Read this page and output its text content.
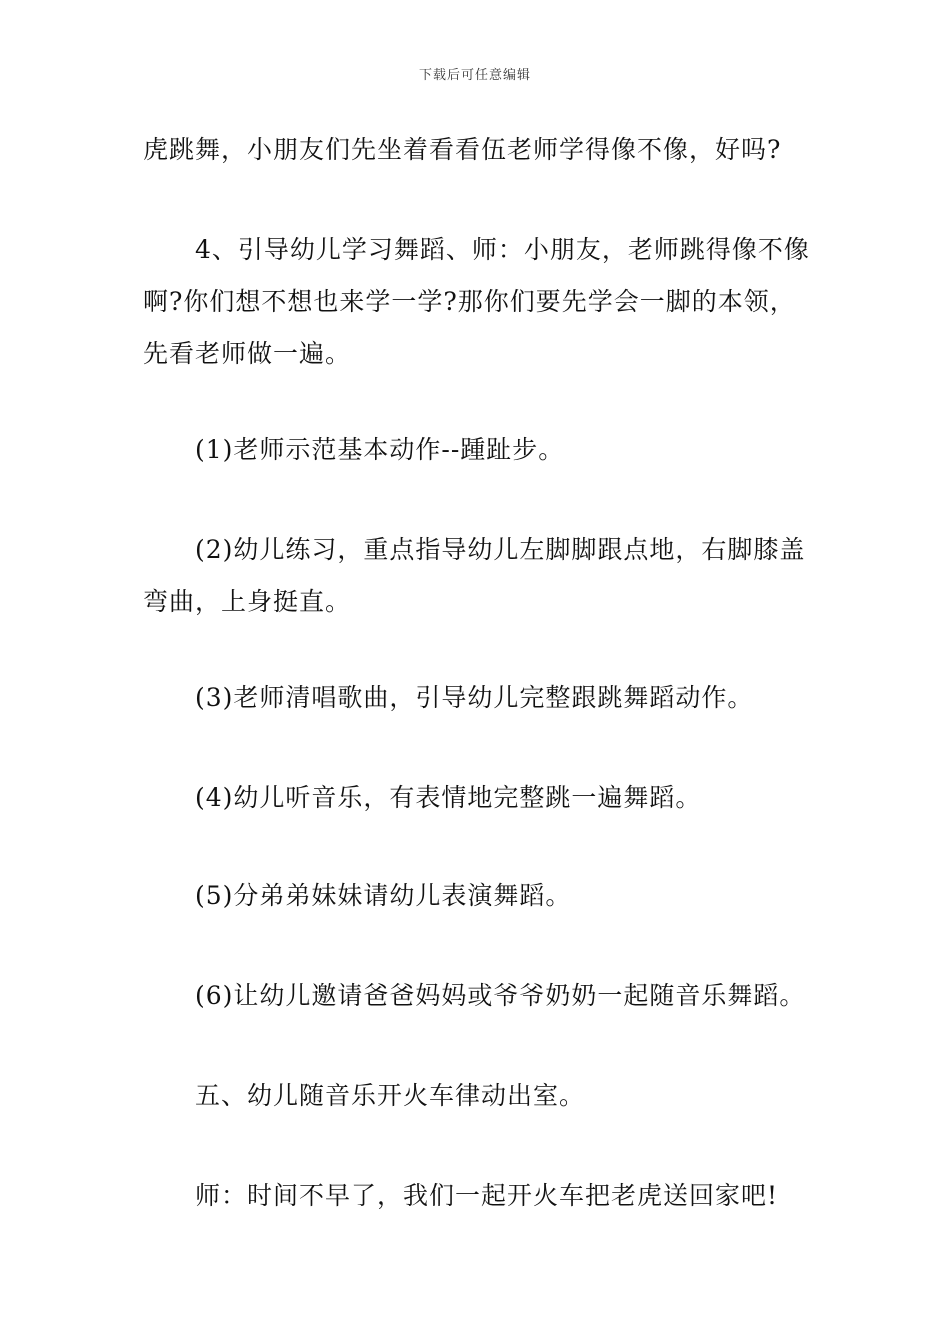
下载后可任意编辑
虎跳舞，小朋友们先坐着看看伍老师学得像不像，好吗?
4、引导幼儿学习舞蹈、师：小朋友，老师跳得像不像
啊?你们想不想也来学一学?那你们要先学会一脚的本领，
先看老师做一遍。
(1)老师示范基本动作--踵趾步。
(2)幼儿练习，重点指导幼儿左脚脚跟点地，右脚膝盖
弯曲，上身挺直。
(3)老师清唱歌曲，引导幼儿完整跟跳舞蹈动作。
(4)幼儿听音乐，有表情地完整跳一遍舞蹈。
(5)分弟弟妹妹请幼儿表演舞蹈。
(6)让幼儿邀请爸爸妈妈或爷爷奶奶一起随音乐舞蹈。
五、幼儿随音乐开火车律动出室。
师：时间不早了，我们一起开火车把老虎送回家吧!
